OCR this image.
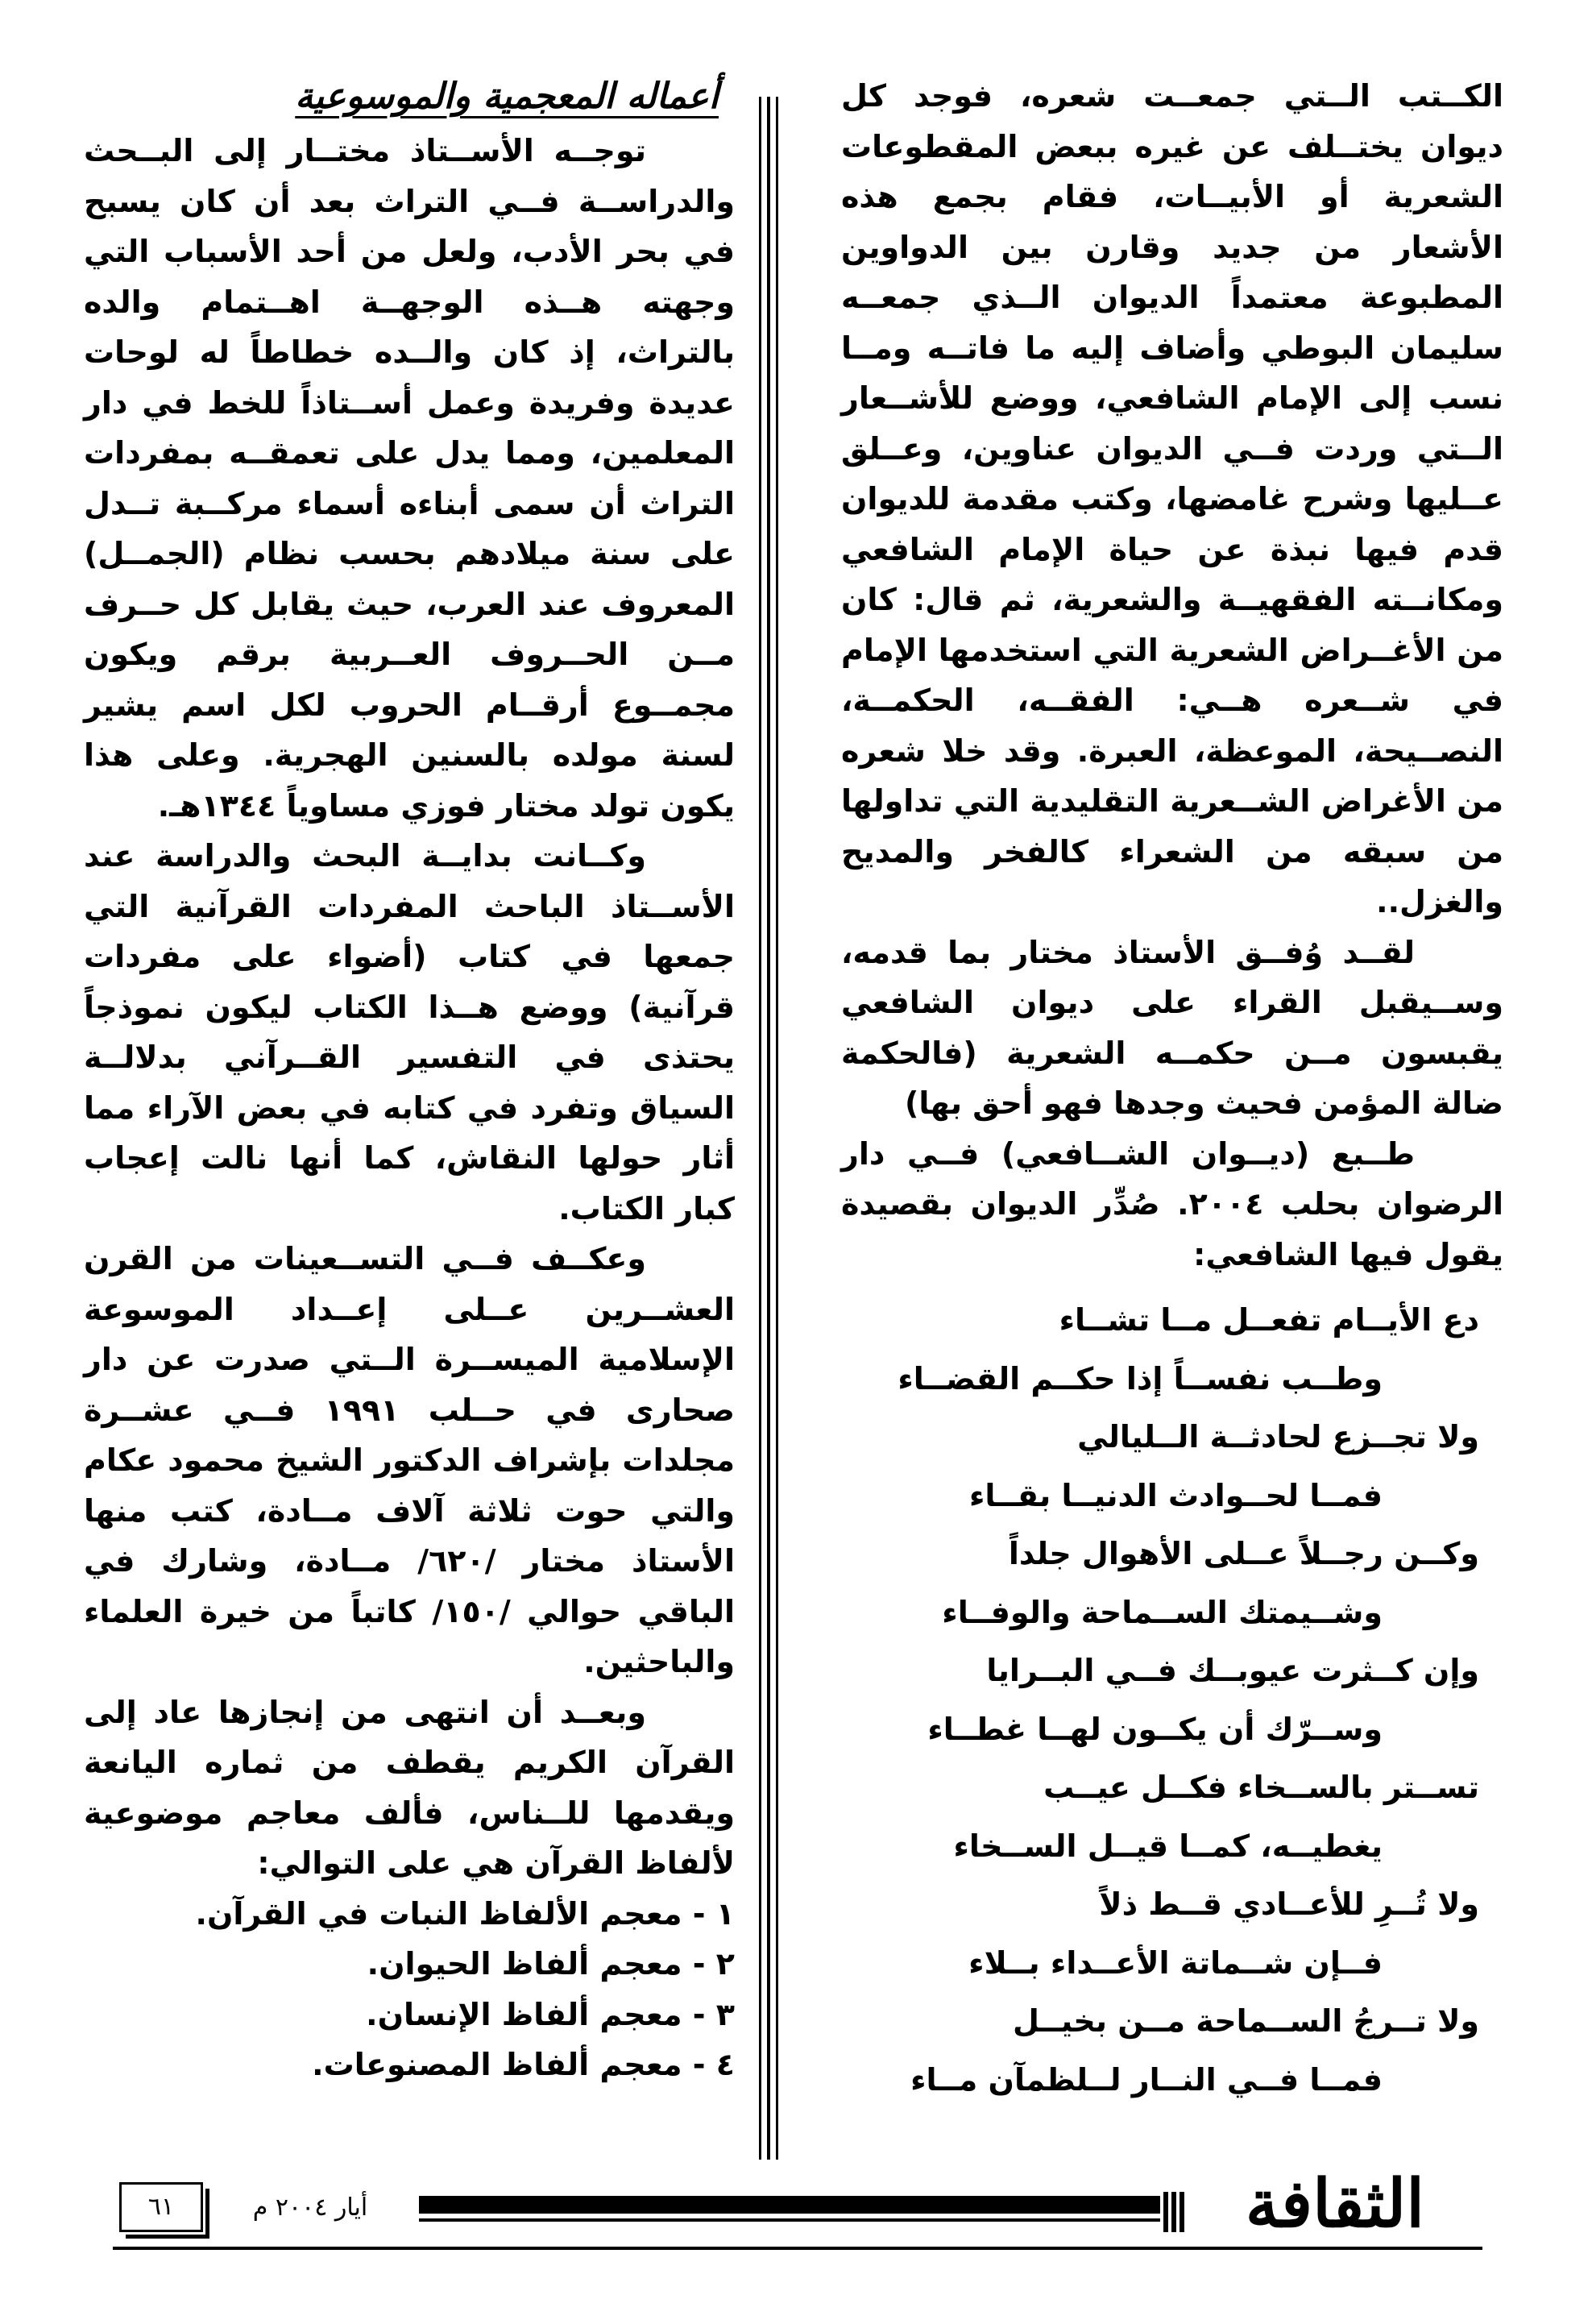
الكــتب الــتي جمعــت شعره، فوجد كل ديوان يختــلف عن غيره ببعض المقطوعات الشعرية أو الأبيــات، فقام بجمع هذه الأشعار من جديد وقارن بين الدواوين المطبوعة معتمداً الديوان الــذي جمعــه سليمان البوطي وأضاف إليه ما فاتــه ومــا نسب إلى الإمام الشافعي، ووضع للأشــعار الــتي وردت فــي الديوان عناوين، وعــلق عــليها وشرح غامضها، وكتب مقدمة للديوان قدم فيها نبذة عن حياة الإمام الشافعي ومكانــته الفقهيــة والشعرية، ثم قال: كان من الأغــراض الشعرية التي استخدمها الإمام في شــعره هــي: الفقــه، الحكمــة، النصــيحة، الموعظة، العبرة. وقد خلا شعره من الأغراض الشــعرية التقليدية التي تداولها من سبقه من الشعراء كالفخر والمديح والغزل..

لقــد وُفــق الأستاذ مختار بما قدمه، وســيقبل القراء على ديوان الشافعي يقبسون مــن حكمــه الشعرية (فالحكمة ضالة المؤمن فحيث وجدها فهو أحق بها)

طــبع (ديــوان الشــافعي) فــي دار الرضوان بحلب ٢٠٠٤. صُدِّر الديوان بقصيدة يقول فيها الشافعي:

دع الأيــام تفعــل مــا تشــاء
وطــب نفســاً إذا حكــم القضــاء
ولا تجــزع لحادثــة الــليالي
فمــا لحــوادث الدنيــا بقــاء
وكــن رجــلاً عــلى الأهوال جلداً
وشــيمتك الســماحة والوفــاء
وإن كــثرت عيوبــك فــي البــرايا
وســرّك أن يكــون لهــا غطــاء
تســتر بالســخاء فكــل عيــب
يغطيــه، كمــا قيــل الســخاء
ولا تُــرِ للأعــادي قــط ذلاً
فــإن شــماتة الأعــداء بــلاء
ولا تــرجُ الســماحة مــن بخيــل
فمــا فــي النــار لــلظمآن مــاء
أعماله المعجمية والموسوعية

توجــه الأســتاذ مختــار إلى البــحث والدراســة فــي التراث بعد أن كان يسبح في بحر الأدب، ولعل من أحد الأسباب التي وجهته هــذه الوجهــة اهــتمام والده بالتراث، إذ كان والــده خطاطاً له لوحات عديدة وفريدة وعمل أســتاذاً للخط في دار المعلمين، ومما يدل على تعمقــه بمفردات التراث أن سمى أبناءه أسماء مركــبة تــدل على سنة ميلادهم بحسب نظام (الجمــل) المعروف عند العرب، حيث يقابل كل حــرف مــن الحــروف العــربية برقم ويكون مجمــوع أرقــام الحروب لكل اسم يشير لسنة مولده بالسنين الهجرية. وعلى هذا يكون تولد مختار فوزي مساوياً ١٣٤٤هـ.

وكــانت بدايــة البحث والدراسة عند الأســتاذ الباحث المفردات القرآنية التي جمعها في كتاب (أضواء على مفردات قرآنية) ووضع هــذا الكتاب ليكون نموذجاً يحتذى في التفسير القــرآني بدلالــة السياق وتفرد في كتابه في بعض الآراء مما أثار حولها النقاش، كما أنها نالت إعجاب كبار الكتاب.

وعكــف فــي التســعينات من القرن العشــرين عــلى إعــداد الموسوعة الإسلامية الميســرة الــتي صدرت عن دار صحارى في حــلب ١٩٩١ فــي عشــرة مجلدات بإشراف الدكتور الشيخ محمود عكام والتي حوت ثلاثة آلاف مــادة، كتب منها الأستاذ مختار /٦٢٠/ مــادة، وشارك في الباقي حوالي /١٥٠/ كاتباً من خيرة العلماء والباحثين.

وبعــد أن انتهى من إنجازها عاد إلى القرآن الكريم يقطف من ثماره اليانعة ويقدمها للــناس، فألف معاجم موضوعية لألفاظ القرآن هي على التوالي:

١ - معجم الألفاظ النبات في القرآن.
٢ - معجم ألفاظ الحيوان.
٣ - معجم ألفاظ الإنسان.
٤ - معجم ألفاظ المصنوعات.
الثقافة
أيار ٢٠٠٤ م
٦١
